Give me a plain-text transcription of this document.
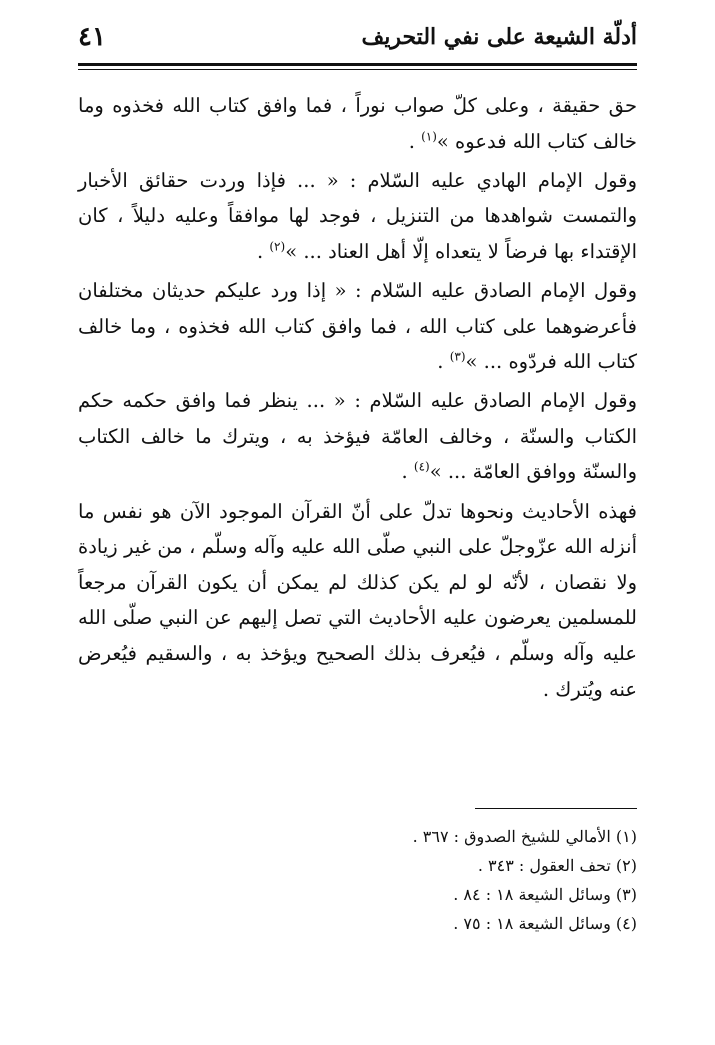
أدلّة الشيعة على نفي التحريف
٤١

حق حقيقة ، وعلى كلّ صواب نوراً ، فما وافق كتاب الله فخذوه وما خالف كتاب الله فدعوه »$^{(١)}$ .

وقول الإمام الهادي عليه السّلام : « ... فإذا وردت حقائق الأخبار والتمست شواهدها من التنزيل ، فوجد لها موافقاً وعليه دليلاً ، كان الإقتداء بها فرضاً لا يتعداه إلّا أهل العناد ... »$^{(٢)}$ .

وقول الإمام الصادق عليه السّلام : « إذا ورد عليكم حديثان مختلفان فأعرضوهما على كتاب الله ، فما وافق كتاب الله فخذوه ، وما خالف كتاب الله فردّوه ... »$^{(٣)}$ .

وقول الإمام الصادق عليه السّلام : « ... ينظر فما وافق حكمه حكم الكتاب والسنّة ، وخالف العامّة فيؤخذ به ، ويترك ما خالف الكتاب والسنّة ووافق العامّة ... »$^{(٤)}$ .

فهذه الأحاديث ونحوها تدلّ على أنّ القرآن الموجود الآن هو نفس ما أنزله الله عزّوجلّ على النبي صلّى الله عليه وآله وسلّم ، من غير زيادة ولا نقصان ، لأنّه لو لم يكن كذلك لم يمكن أن يكون القرآن مرجعاً للمسلمين يعرضون عليه الأحاديث التي تصل إليهم عن النبي صلّى الله عليه وآله وسلّم ، فيُعرف بذلك الصحيح ويؤخذ به ، والسقيم فيُعرض عنه ويُترك .

(١) الأمالي للشيخ الصدوق : ٣٦٧ .

(٢) تحف العقول : ٣٤٣ .

(٣) وسائل الشيعة ١٨ : ٨٤ .

(٤) وسائل الشيعة ١٨ : ٧٥ .
